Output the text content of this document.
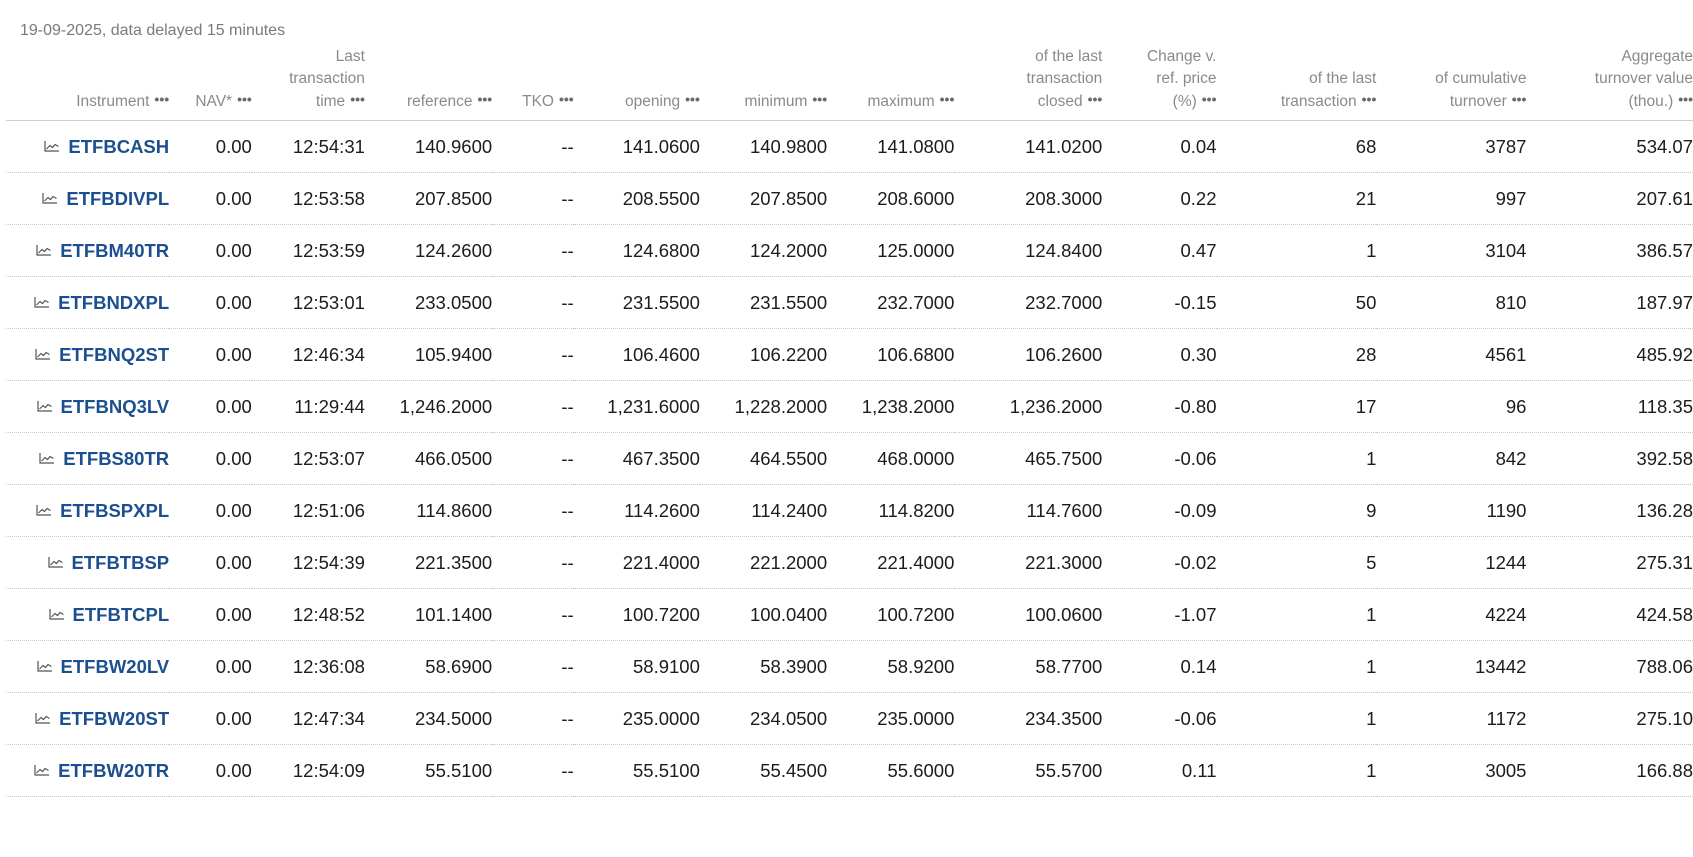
19-09-2025, data delayed 15 minutes
Instrument •••	NAV* •••	Last
transaction
time •••	reference •••	TKO •••	opening •••	minimum •••	maximum •••	of the last
transaction
closed •••	Change v.
ref. price
(%) •••	of the last
transaction •••	of cumulative
turnover •••	Aggregate
turnover value
(thou.) •••

ETFBCASH	0.00	12:54:31	140.9600	--	141.0600	140.9800	141.0800	141.0200	0.04	68	3787	534.07
ETFBDIVPL	0.00	12:53:58	207.8500	--	208.5500	207.8500	208.6000	208.3000	0.22	21	997	207.61
ETFBM40TR	0.00	12:53:59	124.2600	--	124.6800	124.2000	125.0000	124.8400	0.47	1	3104	386.57
ETFBNDXPL	0.00	12:53:01	233.0500	--	231.5500	231.5500	232.7000	232.7000	-0.15	50	810	187.97
ETFBNQ2ST	0.00	12:46:34	105.9400	--	106.4600	106.2200	106.6800	106.2600	0.30	28	4561	485.92
ETFBNQ3LV	0.00	11:29:44	1,246.2000	--	1,231.6000	1,228.2000	1,238.2000	1,236.2000	-0.80	17	96	118.35
ETFBS80TR	0.00	12:53:07	466.0500	--	467.3500	464.5500	468.0000	465.7500	-0.06	1	842	392.58
ETFBSPXPL	0.00	12:51:06	114.8600	--	114.2600	114.2400	114.8200	114.7600	-0.09	9	1190	136.28
ETFBTBSP	0.00	12:54:39	221.3500	--	221.4000	221.2000	221.4000	221.3000	-0.02	5	1244	275.31
ETFBTCPL	0.00	12:48:52	101.1400	--	100.7200	100.0400	100.7200	100.0600	-1.07	1	4224	424.58
ETFBW20LV	0.00	12:36:08	58.6900	--	58.9100	58.3900	58.9200	58.7700	0.14	1	13442	788.06
ETFBW20ST	0.00	12:47:34	234.5000	--	235.0000	234.0500	235.0000	234.3500	-0.06	1	1172	275.10
ETFBW20TR	0.00	12:54:09	55.5100	--	55.5100	55.4500	55.6000	55.5700	0.11	1	3005	166.88
